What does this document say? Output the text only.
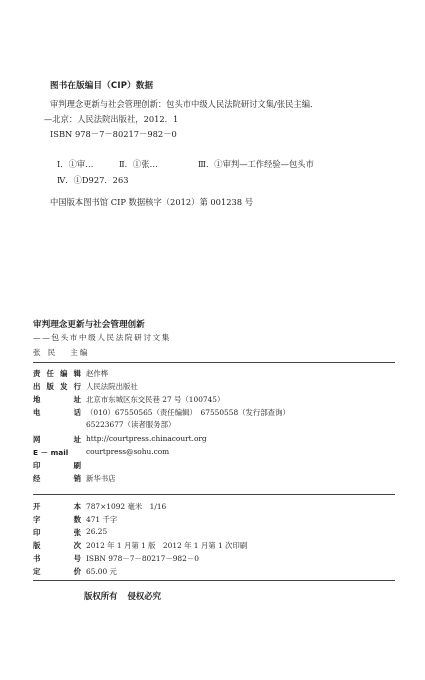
图书在版编目（CIP）数据
审判理念更新与社会管理创新：包头市中级人民法院研讨文集/张民主编．
—北京：人民法院出版社，2012．1
ISBN 978－7－80217－982－0
Ⅰ．①审…	Ⅱ．①张…	Ⅲ．①审判—工作经验—包头市
Ⅳ．①D927．263
中国版本图书馆 CIP 数据核字（2012）第 001238 号
审判理念更新与社会管理创新
——包头市中级人民法院研讨文集
张民 主编
责 任 编 辑 赵作桦
出 版 发 行 人民法院出版社
地	址 北京市东城区东交民巷 27 号（100745）
电	话 （010）67550565（责任编辑）　67550558（发行部查询）
65223677（读者服务部）
网	址 http://courtpress.chinacourt.org
E － mail courtpress@sohu.com
印	刷
经	销 新华书店
开	本 787×1092 毫米　1/16
字	数 471 千字
印	张 26.25
版	次 2012 年 1 月第 1 版　2012 年 1 月第 1 次印刷
书	号 ISBN 978－7－80217－982－0
定	价 65.00 元
版权所有 侵权必究
